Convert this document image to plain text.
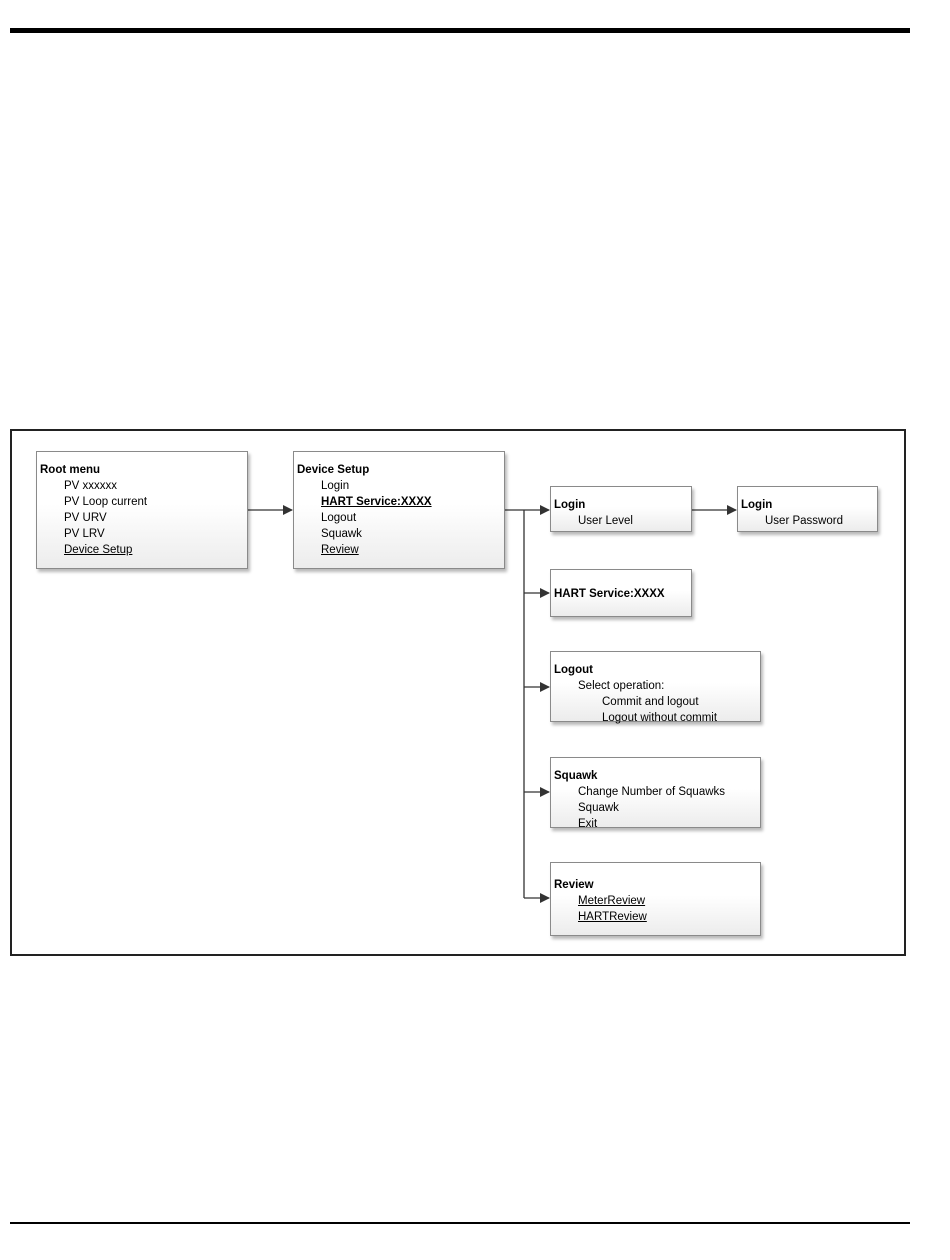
Root menu
PV xxxxxx
PV Loop current
PV URV
PV LRV
Device Setup
Device Setup
Login
HART Service:XXXX
Logout
Squawk
Review
Login
User Level
Login
User Password
HART Service:XXXX
Logout
Select operation:
Commit and logout
Logout without commit
Squawk
Change Number of Squawks
Squawk
Exit
Review
MeterReview
HARTReview
